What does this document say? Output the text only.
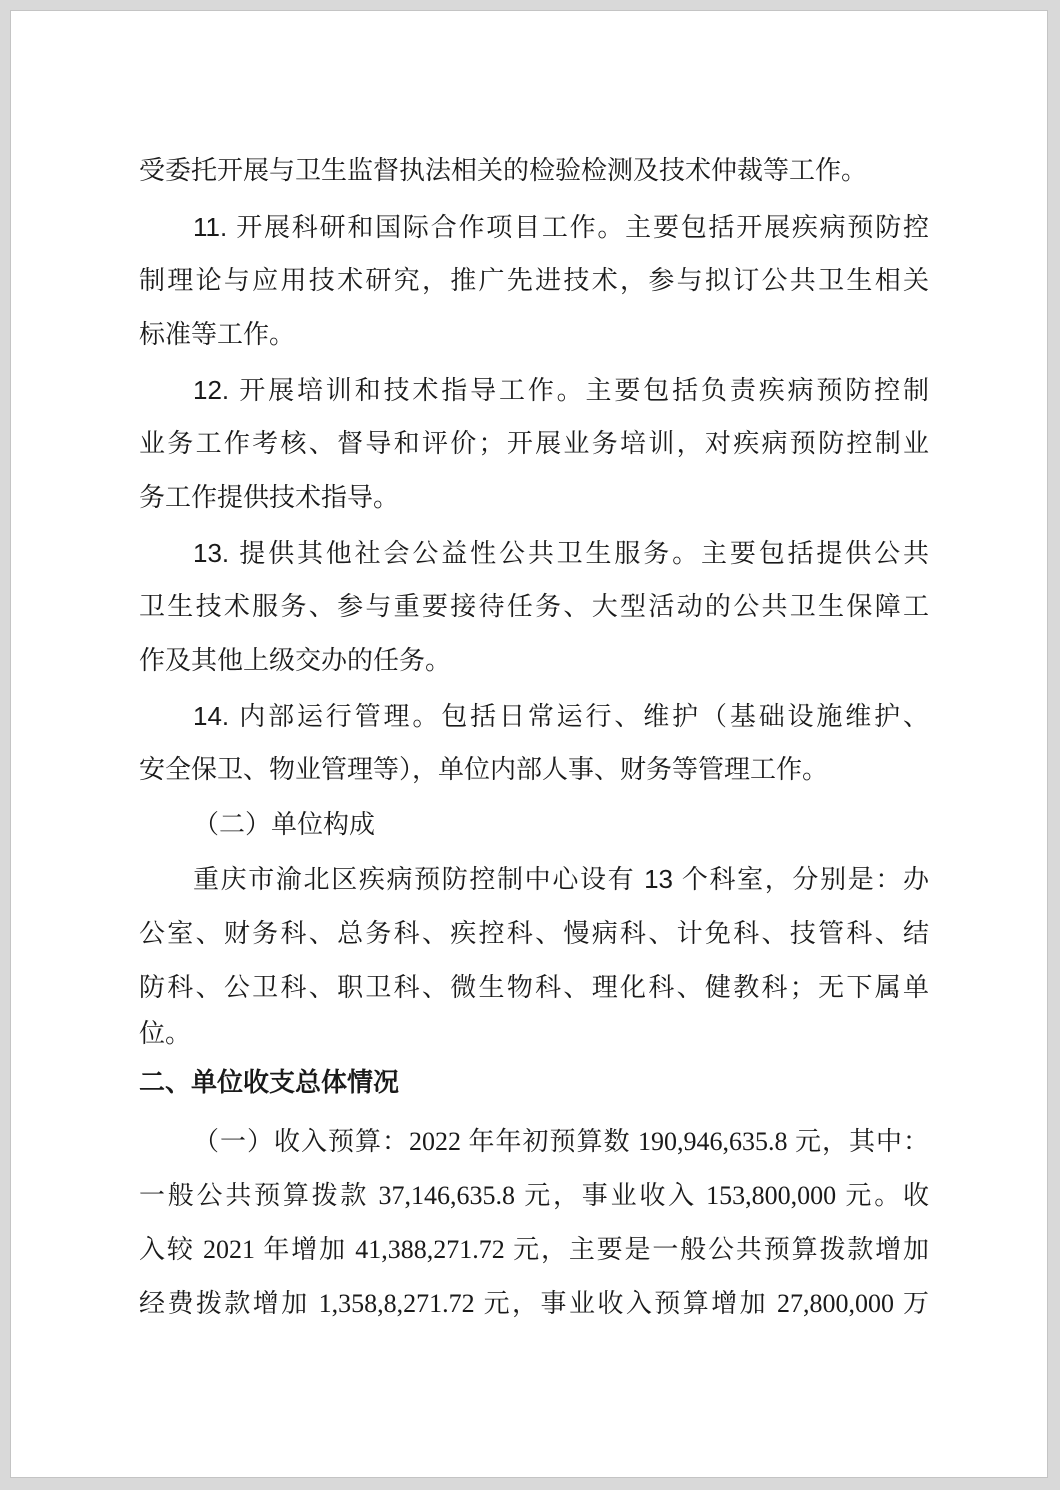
受委托开展与卫生监督执法相关的检验检测及技术仲裁等工作。
11. 开展科研和国际合作项目工作。主要包括开展疾病预防控
制理论与应用技术研究，推广先进技术，参与拟订公共卫生相关
标准等工作。
12. 开展培训和技术指导工作。主要包括负责疾病预防控制
业务工作考核、督导和评价；开展业务培训，对疾病预防控制业
务工作提供技术指导。
13. 提供其他社会公益性公共卫生服务。主要包括提供公共
卫生技术服务、参与重要接待任务、大型活动的公共卫生保障工
作及其他上级交办的任务。
14. 内部运行管理。包括日常运行、维护（基础设施维护、
安全保卫、物业管理等），单位内部人事、财务等管理工作。
（二）单位构成
重庆市渝北区疾病预防控制中心设有 13 个科室，分别是：办
公室、财务科、总务科、疾控科、慢病科、计免科、技管科、结
防科、公卫科、职卫科、微生物科、理化科、健教科；无下属单
位。
二、单位收支总体情况
（一）收入预算：2022 年年初预算数 190,946,635.8 元，其中：
一般公共预算拨款 37,146,635.8 元，事业收入 153,800,000 元。收
入较 2021 年增加 41,388,271.72 元，主要是一般公共预算拨款增加
经费拨款增加 1,358,8,271.72 元，事业收入预算增加 27,800,000 万
